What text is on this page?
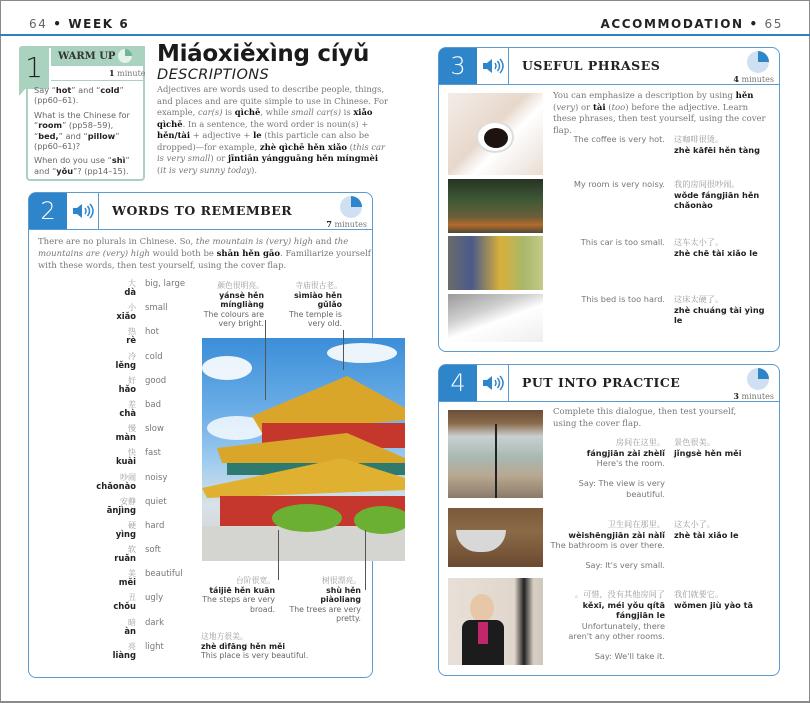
64 • WEEK 6	ACCOMMODATION • 65
1	WARM UP
1 minute

Say “hot” and “cold” (pp60–61).

What is the Chinese for “room” (pp58–59), “bed,” and “pillow” (pp60–61)?

When do you use “shì” and “yǒu”? (pp14–15).

Miáoxiěxìng cíyǔ
DESCRIPTIONS
Adjectives are words used to describe people, things, and places and are quite simple to use in Chinese. For example, car(s) is qìchē, while small car(s) is xiǎo qìchē. In a sentence, the word order is noun(s) + hěn/tài + adjective + le (this particle can also be dropped)—for example, zhè qìchē hěn xiǎo (this car is very small) or jīntiān yángguāng hěn míngmèi (it is very sunny today).
2	WORDS TO REMEMBER
7 minutes
There are no plurals in Chinese. So, the mountain is (very) high and the mountains are (very) high would both be shān hěn gāo. Familiarize yourself with these words, then test yourself, using the cover flap.
大
dà
big, large
小
xiǎo
small
热
rè
hot
冷
lěng
cold
好
hǎo
good
差
chà
bad
慢
màn
slow
快
kuài
fast
吵闹
chǎonào
noisy
安静
ānjìng
quiet
硬
yìng
hard
软
ruǎn
soft
美
měi
beautiful
丑
chǒu
ugly
暗
àn
dark
亮
liàng
light
颜色很明亮。
yánsè hěn míngliàng
The colours are very bright.
寺庙很古老。
sìmiào hěn gǔlǎo
The temple is very old.
台阶很宽。
táijiē hěn kuān
The steps are very broad.
树很漂亮。
shù hěn piàoliang
The trees are very pretty.
这地方很美。
zhè dìfāng hěn měi
This place is very beautiful.
3	USEFUL PHRASES
4 minutes
You can emphasize a description by using hěn (very) or tài (too) before the adjective. Learn these phrases, then test yourself, using the cover flap.
The coffee is very hot. 这咖啡很烫。
zhè kāfēi hěn tàng
My room is very noisy. 我的房间很吵闹。
wǒde fángjiān hěn chǎonào
This car is too small. 这车太小了。
zhè chē tài xiǎo le
This bed is too hard. 这床太硬了。
zhè chuáng tài yìng le
4	PUT INTO PRACTICE
3 minutes
Complete this dialogue, then test yourself, using the cover flap.
房间在这里。
fángjiān zài zhèlǐ
Here's the room.
Say: The view is very beautiful.
景色很美。
jǐngsè hěn měi
卫生间在那里。
wèishēngjiān zài nàlǐ
The bathroom is over there.
Say: It's very small.
这太小了。
zhè tài xiǎo le
可惜，没有其他房间了。
kěxī, méi yǒu qítā fángjiān le
Unfortunately, there aren't any other rooms.
Say: We'll take it.
我们就要它。
wǒmen jiù yào tā
